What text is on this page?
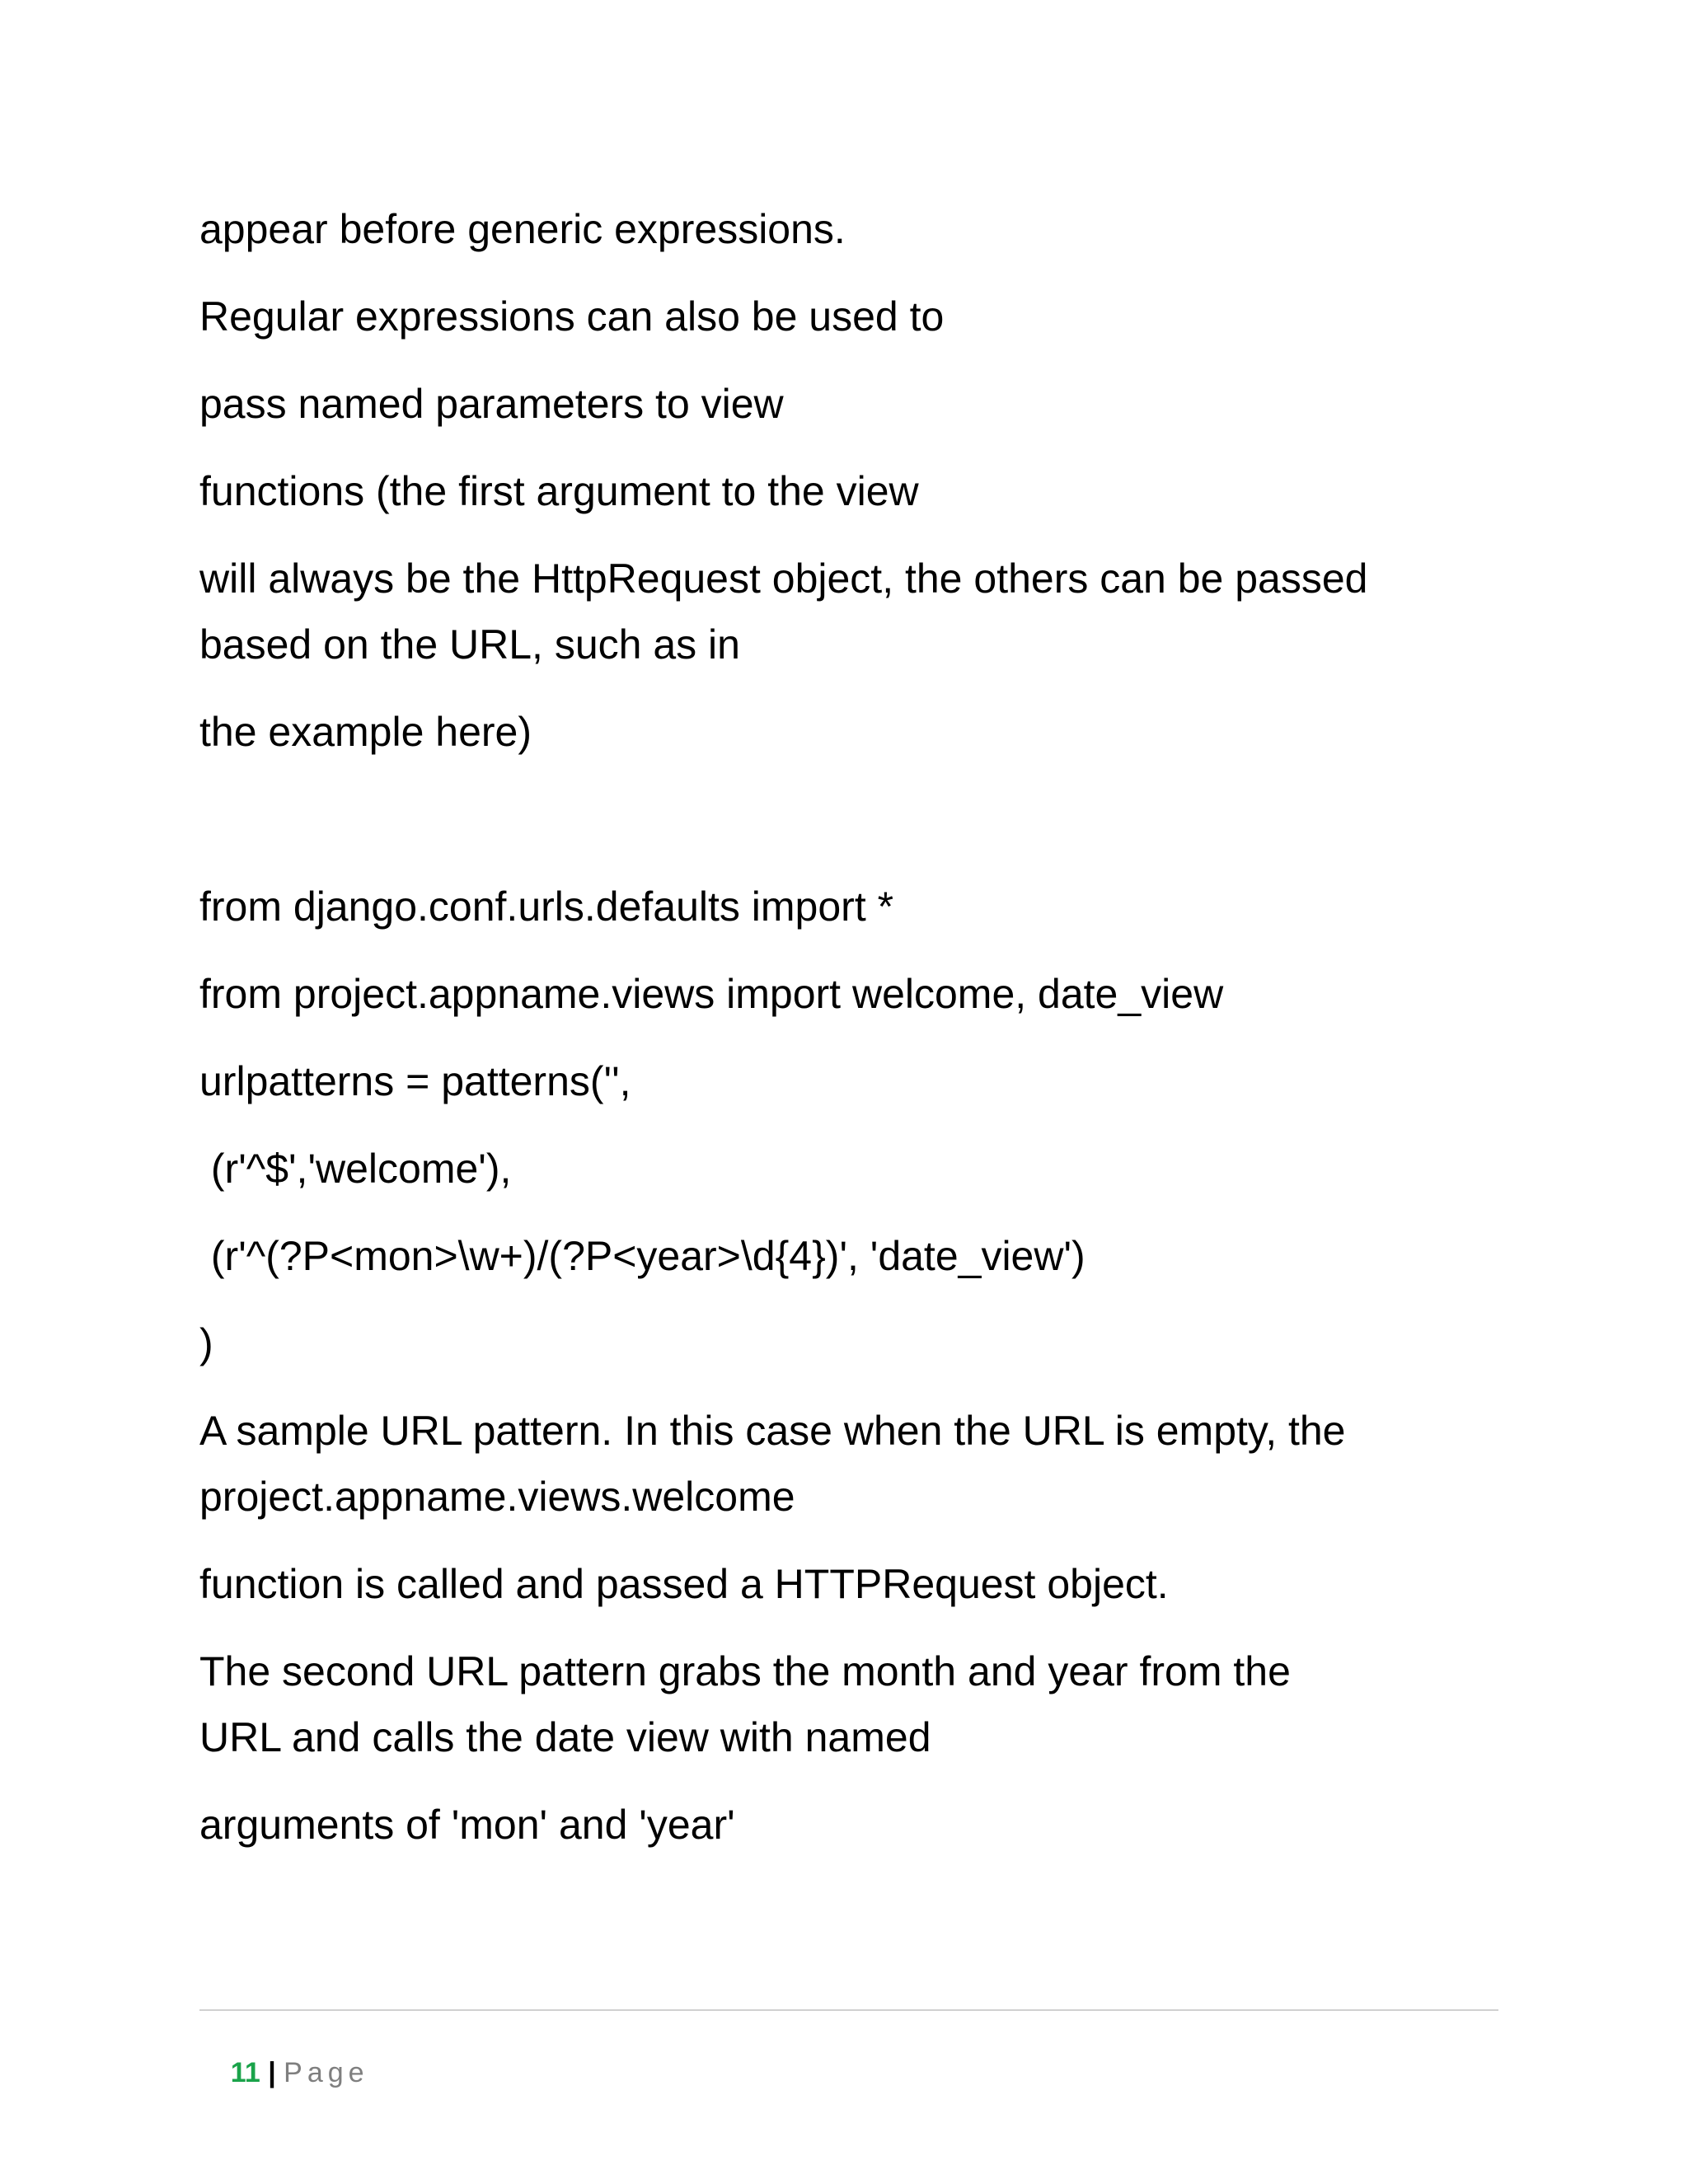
appear before generic expressions.
Regular expressions can also be used to
pass named parameters to view
functions (the first argument to the view
will always be the HttpRequest object, the others can be passed
based on the URL, such as in
the example here)
from django.conf.urls.defaults import *
from project.appname.views import welcome, date_view
urlpatterns = patterns('',
(r'^$','welcome'),
(r'^(?P<mon>\w+)/(?P<year>\d{4})', 'date_view')
)
A sample URL pattern. In this case when the URL is empty, the
project.appname.views.welcome
function is called and passed a HTTPRequest object.
The second URL pattern grabs the month and year from the
URL and calls the date view with named
arguments of 'mon' and 'year'

11 | Page
